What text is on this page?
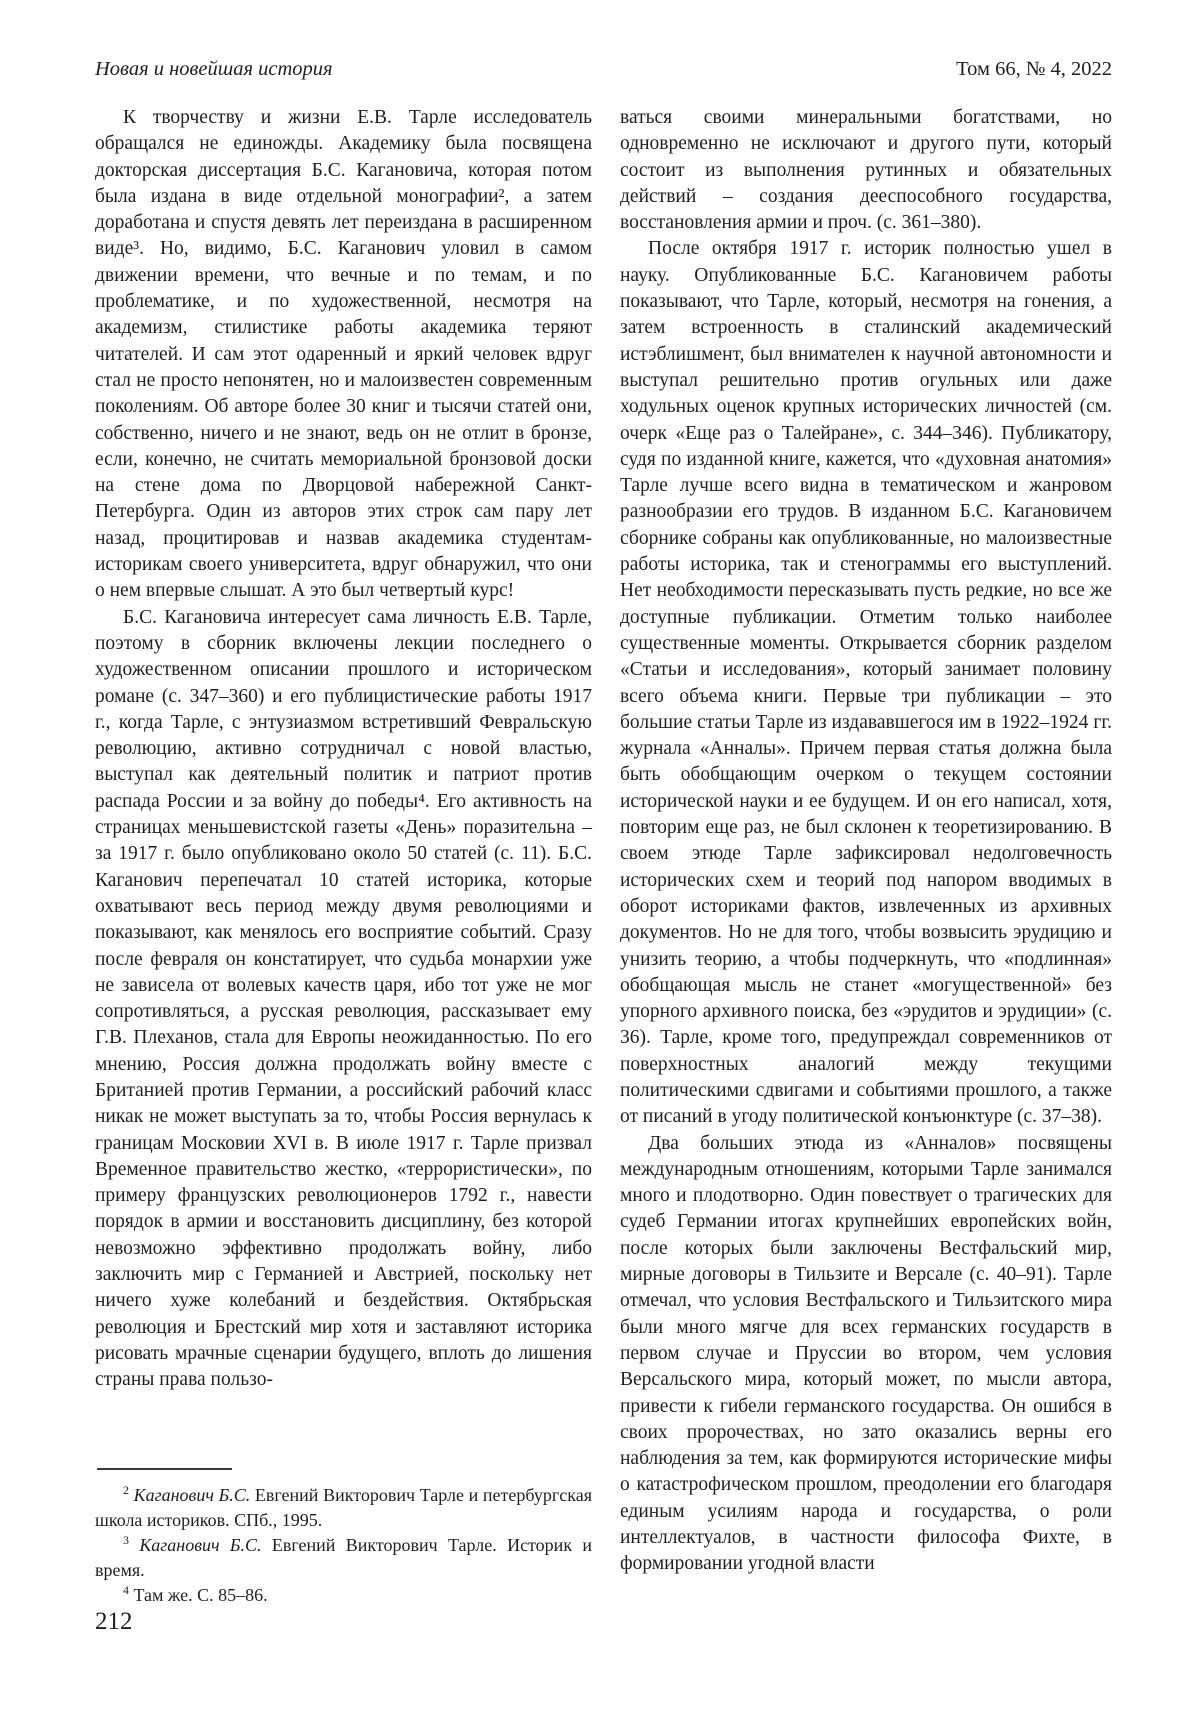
Новая и новейшая история	Том 66, № 4, 2022

К творчеству и жизни Е.В. Тарле исследователь обращался не единожды. Академику была посвящена докторская диссертация Б.С. Кагановича, которая потом была издана в виде отдельной монографии², а затем доработана и спустя девять лет переиздана в расширенном виде³. Но, видимо, Б.С. Каганович уловил в самом движении времени, что вечные и по темам, и по проблематике, и по художественной, несмотря на академизм, стилистике работы академика теряют читателей. И сам этот одаренный и яркий человек вдруг стал не просто непонятен, но и малоизвестен современным поколениям. Об авторе более 30 книг и тысячи статей они, собственно, ничего и не знают, ведь он не отлит в бронзе, если, конечно, не считать мемориальной бронзовой доски на стене дома по Дворцовой набережной Санкт-Петербурга. Один из авторов этих строк сам пару лет назад, процитировав и назвав академика студентам-историкам своего университета, вдруг обнаружил, что они о нем впервые слышат. А это был четвертый курс!

Б.С. Кагановича интересует сама личность Е.В. Тарле, поэтому в сборник включены лекции последнего о художественном описании прошлого и историческом романе (с. 347–360) и его публицистические работы 1917 г., когда Тарле, с энтузиазмом встретивший Февральскую революцию, активно сотрудничал с новой властью, выступал как деятельный политик и патриот против распада России и за войну до победы⁴. Его активность на страницах меньшевистской газеты «День» поразительна – за 1917 г. было опубликовано около 50 статей (с. 11). Б.С. Каганович перепечатал 10 статей историка, которые охватывают весь период между двумя революциями и показывают, как менялось его восприятие событий. Сразу после февраля он констатирует, что судьба монархии уже не зависела от волевых качеств царя, ибо тот уже не мог сопротивляться, а русская революция, рассказывает ему Г.В. Плеханов, стала для Европы неожиданностью. По его мнению, Россия должна продолжать войну вместе с Британией против Германии, а российский рабочий класс никак не может выступать за то, чтобы Россия вернулась к границам Московии XVI в. В июле 1917 г. Тарле призвал Временное правительство жестко, «террористически», по примеру французских революционеров 1792 г., навести порядок в армии и восстановить дисциплину, без которой невозможно эффективно продолжать войну, либо заключить мир с Германией и Австрией, поскольку нет ничего хуже колебаний и бездействия. Октябрьская революция и Брестский мир хотя и заставляют историка рисовать мрачные сценарии будущего, вплоть до лишения страны права пользо-

ваться своими минеральными богатствами, но одновременно не исключают и другого пути, который состоит из выполнения рутинных и обязательных действий – создания дееспособного государства, восстановления армии и проч. (с. 361–380).

После октября 1917 г. историк полностью ушел в науку. Опубликованные Б.С. Кагановичем работы показывают, что Тарле, который, несмотря на гонения, а затем встроенность в сталинский академический истэблишмент, был внимателен к научной автономности и выступал решительно против огульных или даже ходульных оценок крупных исторических личностей (см. очерк «Еще раз о Талейране», с. 344–346). Публикатору, судя по изданной книге, кажется, что «духовная анатомия» Тарле лучше всего видна в тематическом и жанровом разнообразии его трудов. В изданном Б.С. Кагановичем сборнике собраны как опубликованные, но малоизвестные работы историка, так и стенограммы его выступлений. Нет необходимости пересказывать пусть редкие, но все же доступные публикации. Отметим только наиболее существенные моменты. Открывается сборник разделом «Статьи и исследования», который занимает половину всего объема книги. Первые три публикации – это большие статьи Тарле из издававшегося им в 1922–1924 гг. журнала «Анналы». Причем первая статья должна была быть обобщающим очерком о текущем состоянии исторической науки и ее будущем. И он его написал, хотя, повторим еще раз, не был склонен к теоретизированию. В своем этюде Тарле зафиксировал недолговечность исторических схем и теорий под напором вводимых в оборот историками фактов, извлеченных из архивных документов. Но не для того, чтобы возвысить эрудицию и унизить теорию, а чтобы подчеркнуть, что «подлинная» обобщающая мысль не станет «могущественной» без упорного архивного поиска, без «эрудитов и эрудиции» (с. 36). Тарле, кроме того, предупреждал современников от поверхностных аналогий между текущими политическими сдвигами и событиями прошлого, а также от писаний в угоду политической конъюнктуре (с. 37–38).

Два больших этюда из «Анналов» посвящены международным отношениям, которыми Тарле занимался много и плодотворно. Один повествует о трагических для судеб Германии итогах крупнейших европейских войн, после которых были заключены Вестфальский мир, мирные договоры в Тильзите и Версале (с. 40–91). Тарле отмечал, что условия Вестфальского и Тильзитского мира были много мягче для всех германских государств в первом случае и Пруссии во втором, чем условия Версальского мира, который может, по мысли автора, привести к гибели германского государства. Он ошибся в своих пророчествах, но зато оказались верны его наблюдения за тем, как формируются исторические мифы о катастрофическом прошлом, преодолении его благодаря единым усилиям народа и государства, о роли интеллектуалов, в частности философа Фихте, в формировании угодной власти

$^2$ Каганович Б.С. Евгений Викторович Тарле и петербургская школа историков. СПб., 1995.

$^3$ Каганович Б.С. Евгений Викторович Тарле. Историк и время.

$^4$ Там же. С. 85–86.

212
